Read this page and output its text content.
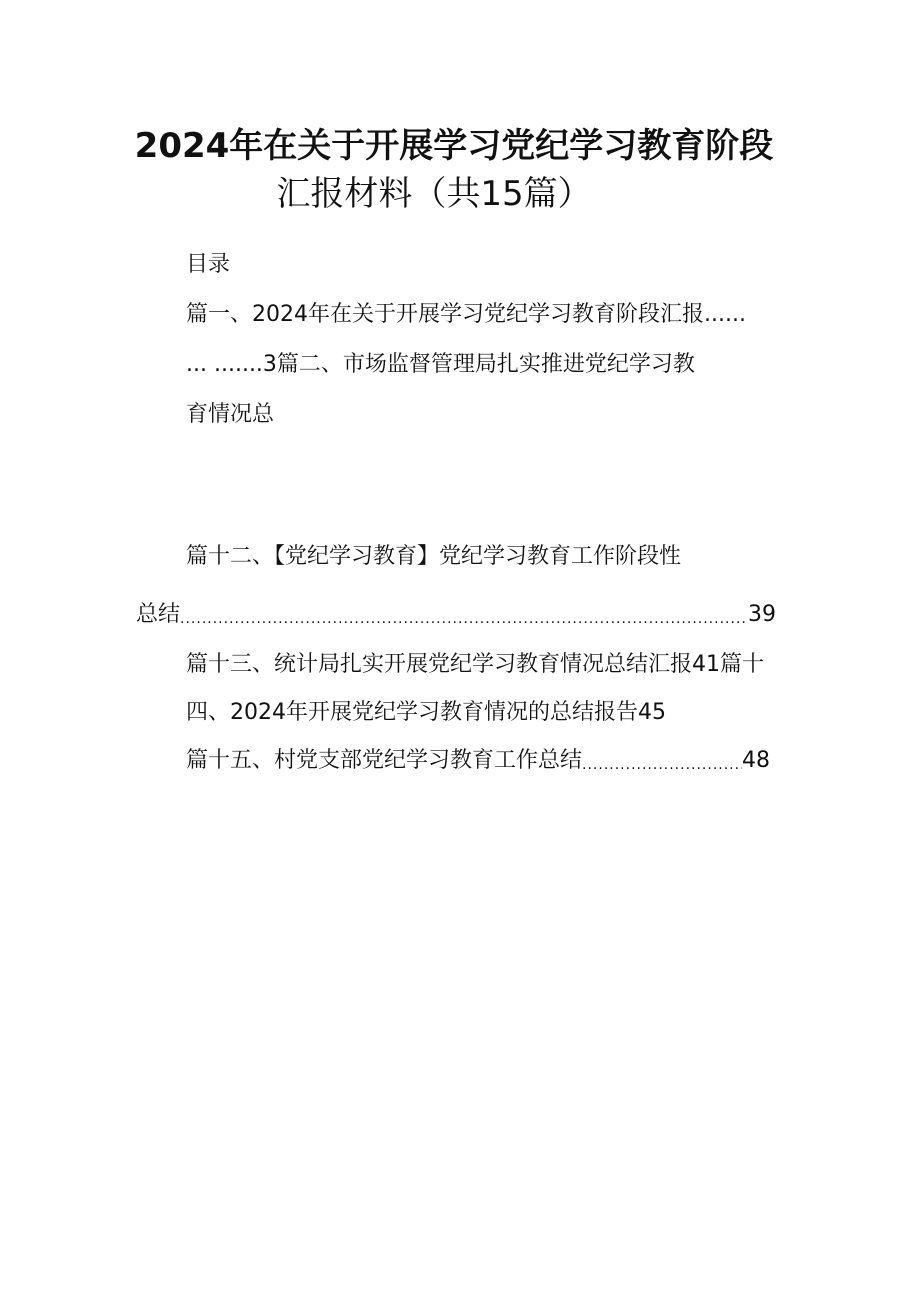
2024年在关于开展学习党纪学习教育阶段
汇报材料（共15篇）
目录
篇一、2024年在关于开展学习党纪学习教育阶段汇报......
... .......3篇二、市场监督管理局扎实推进党纪学习教
育情况总
篇十二、【党纪学习教育】党纪学习教育工作阶段性
总结 .....	39
篇十三、统计局扎实开展党纪学习教育情况总结汇报41篇十
四、2024年开展党纪学习教育情况的总结报告45
篇十五、村党支部党纪学习教育工作总结 .....	48
